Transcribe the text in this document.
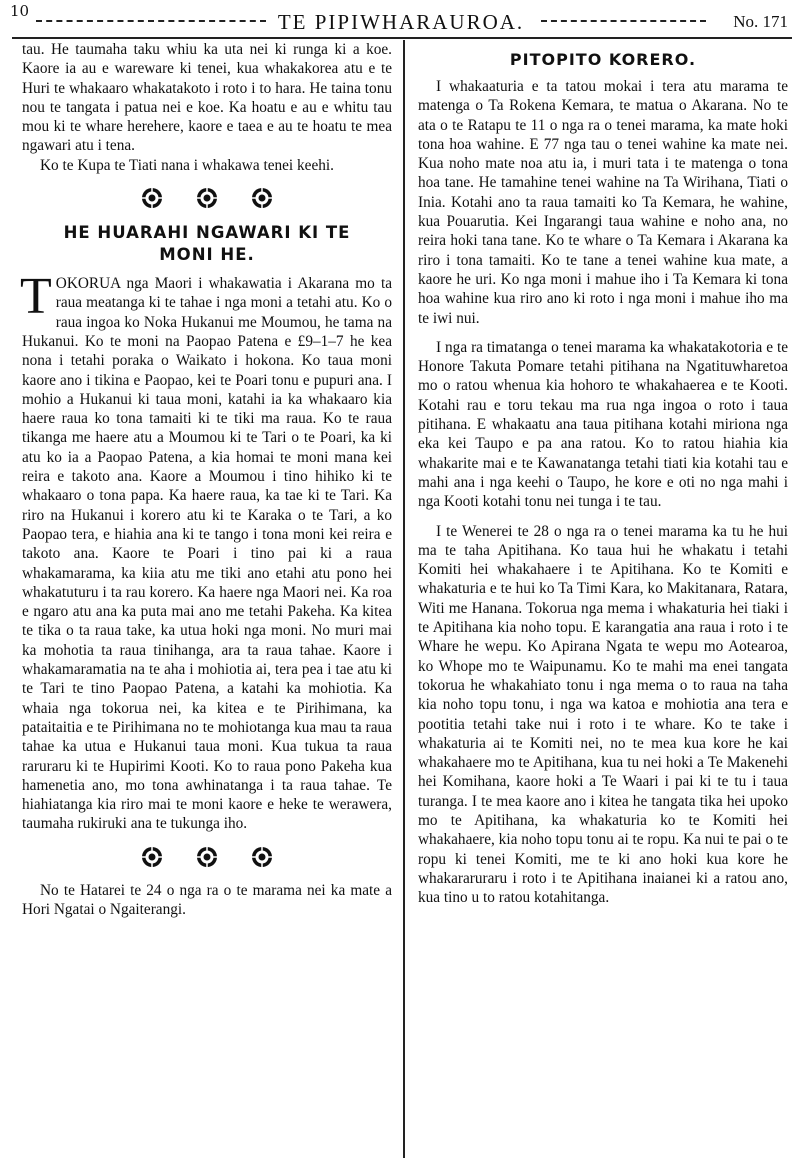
10	TE PIPIWHARAUROA.	No. 171

tau. He taumaha taku whiu ka uta nei ki runga ki a koe. Kaore ia au e wareware ki tenei, kua whakakorea atu e te Huri te whakaaro whakatakoto i roto i to hara. He taina tonu nou te tangata i patua nei e koe. Ka hoatu e au e whitu tau mou ki te whare herehere, kaore e taea e au te hoatu te mea ngawari atu i tena.

Ko te Kupa te Tiati nana i whakawa tenei keehi.

HE HUARAHI NGAWARI KI TE
MONI HE.

TOKORUA nga Maori i whakawatia i Akarana mo ta raua meatanga ki te tahae i nga moni a tetahi atu. Ko o raua ingoa ko Noka Hukanui me Moumou, he tama na Hukanui. Ko te moni na Paopao Patena e £9–1–7 he kea nona i tetahi poraka o Waikato i hokona. Ko taua moni kaore ano i tikina e Paopao, kei te Poari tonu e pupuri ana. I mohio a Hukanui ki taua moni, katahi ia ka whakaaro kia haere raua ko tona tamaiti ki te tiki ma raua. Ko te raua tikanga me haere atu a Moumou ki te Tari o te Poari, ka ki atu ko ia a Paopao Patena, a kia homai te moni mana kei reira e takoto ana. Kaore a Moumou i tino hihiko ki te whakaaro o tona papa. Ka haere raua, ka tae ki te Tari. Ka riro na Hukanui i korero atu ki te Karaka o te Tari, a ko Paopao tera, e hiahia ana ki te tango i tona moni kei reira e takoto ana. Kaore te Poari i tino pai ki a raua whakamarama, ka kiia atu me tiki ano etahi atu pono hei whakatuturu i ta rau korero. Ka haere nga Maori nei. Ka roa e ngaro atu ana ka puta mai ano me tetahi Pakeha. Ka kitea te tika o ta raua take, ka utua hoki nga moni. No muri mai ka mohotia ta raua tinihanga, ara ta raua tahae. Kaore i whakamaramatia na te aha i mohiotia ai, tera pea i tae atu ki te Tari te tino Paopao Patena, a katahi ka mohiotia. Ka whaia nga tokorua nei, ka kitea e te Pirihimana, ka pataitaitia e te Pirihimana no te mohiotanga kua mau ta raua tahae ka utua e Hukanui taua moni. Kua tukua ta raua raruraru ki te Hupirimi Kooti. Ko to raua pono Pakeha kua hamenetia ano, mo tona awhinatanga i ta raua tahae. Te hiahiatanga kia riro mai te moni kaore e heke te werawera, taumaha rukiruki ana te tukunga iho.

No te Hatarei te 24 o nga ra o te marama nei ka mate a Hori Ngatai o Ngaiterangi.

PITOPITO KORERO.

I whakaaturia e ta tatou mokai i tera atu marama te matenga o Ta Rokena Kemara, te matua o Akarana. No te ata o te Ratapu te 11 o nga ra o tenei marama, ka mate hoki tona hoa wahine. E 77 nga tau o tenei wahine ka mate nei. Kua noho mate noa atu ia, i muri tata i te matenga o tona hoa tane. He tamahine tenei wahine na Ta Wirihana, Tiati o Inia. Kotahi ano ta raua tamaiti ko Ta Kemara, he wahine, kua Pouarutia. Kei Ingarangi taua wahine e noho ana, no reira hoki tana tane. Ko te whare o Ta Kemara i Akarana ka riro i tona tamaiti. Ko te tane a tenei wahine kua mate, a kaore he uri. Ko nga moni i mahue iho i Ta Kemara ki tona hoa wahine kua riro ano ki roto i nga moni i mahue iho ma te iwi nui.

I nga ra timatanga o tenei marama ka whakatakotoria e te Honore Takuta Pomare tetahi pitihana na Ngatituwharetoa mo o ratou whenua kia hohoro te whakahaerea e te Kooti. Kotahi rau e toru tekau ma rua nga ingoa o roto i taua pitihana. E whakaatu ana taua pitihana kotahi miriona nga eka kei Taupo e pa ana ratou. Ko to ratou hiahia kia whakarite mai e te Kawanatanga tetahi tiati kia kotahi tau e mahi ana i nga keehi o Taupo, he kore e oti no nga mahi i nga Kooti kotahi tonu nei tunga i te tau.

I te Wenerei te 28 o nga ra o tenei marama ka tu he hui ma te taha Apitihana. Ko taua hui he whakatu i tetahi Komiti hei whakahaere i te Apitihana. Ko te Komiti e whakaturia e te hui ko Ta Timi Kara, ko Makitanara, Ratara, Witi me Hanana. Tokorua nga mema i whakaturia hei tiaki i te Apitihana kia noho topu. E karangatia ana raua i roto i te Whare he wepu. Ko Apirana Ngata te wepu mo Aotearoa, ko Whope mo te Waipunamu. Ko te mahi ma enei tangata tokorua he whakahiato tonu i nga mema o to raua na taha kia noho topu tonu, i nga wa katoa e mohiotia ana tera e pootitia tetahi take nui i roto i te whare. Ko te take i whakaturia ai te Komiti nei, no te mea kua kore he kai whakahaere mo te Apitihana, kua tu nei hoki a Te Makenehi hei Komihana, kaore hoki a Te Waari i pai ki te tu i taua turanga. I te mea kaore ano i kitea he tangata tika hei upoko mo te Apitihana, ka whakaturia ko te Komiti hei whakahaere, kia noho topu tonu ai te ropu. Ka nui te pai o te ropu ki tenei Komiti, me te ki ano hoki kua kore he whakararuraru i roto i te Apitihana inaianei ki a ratou ano, kua tino u to ratou kotahitanga.
